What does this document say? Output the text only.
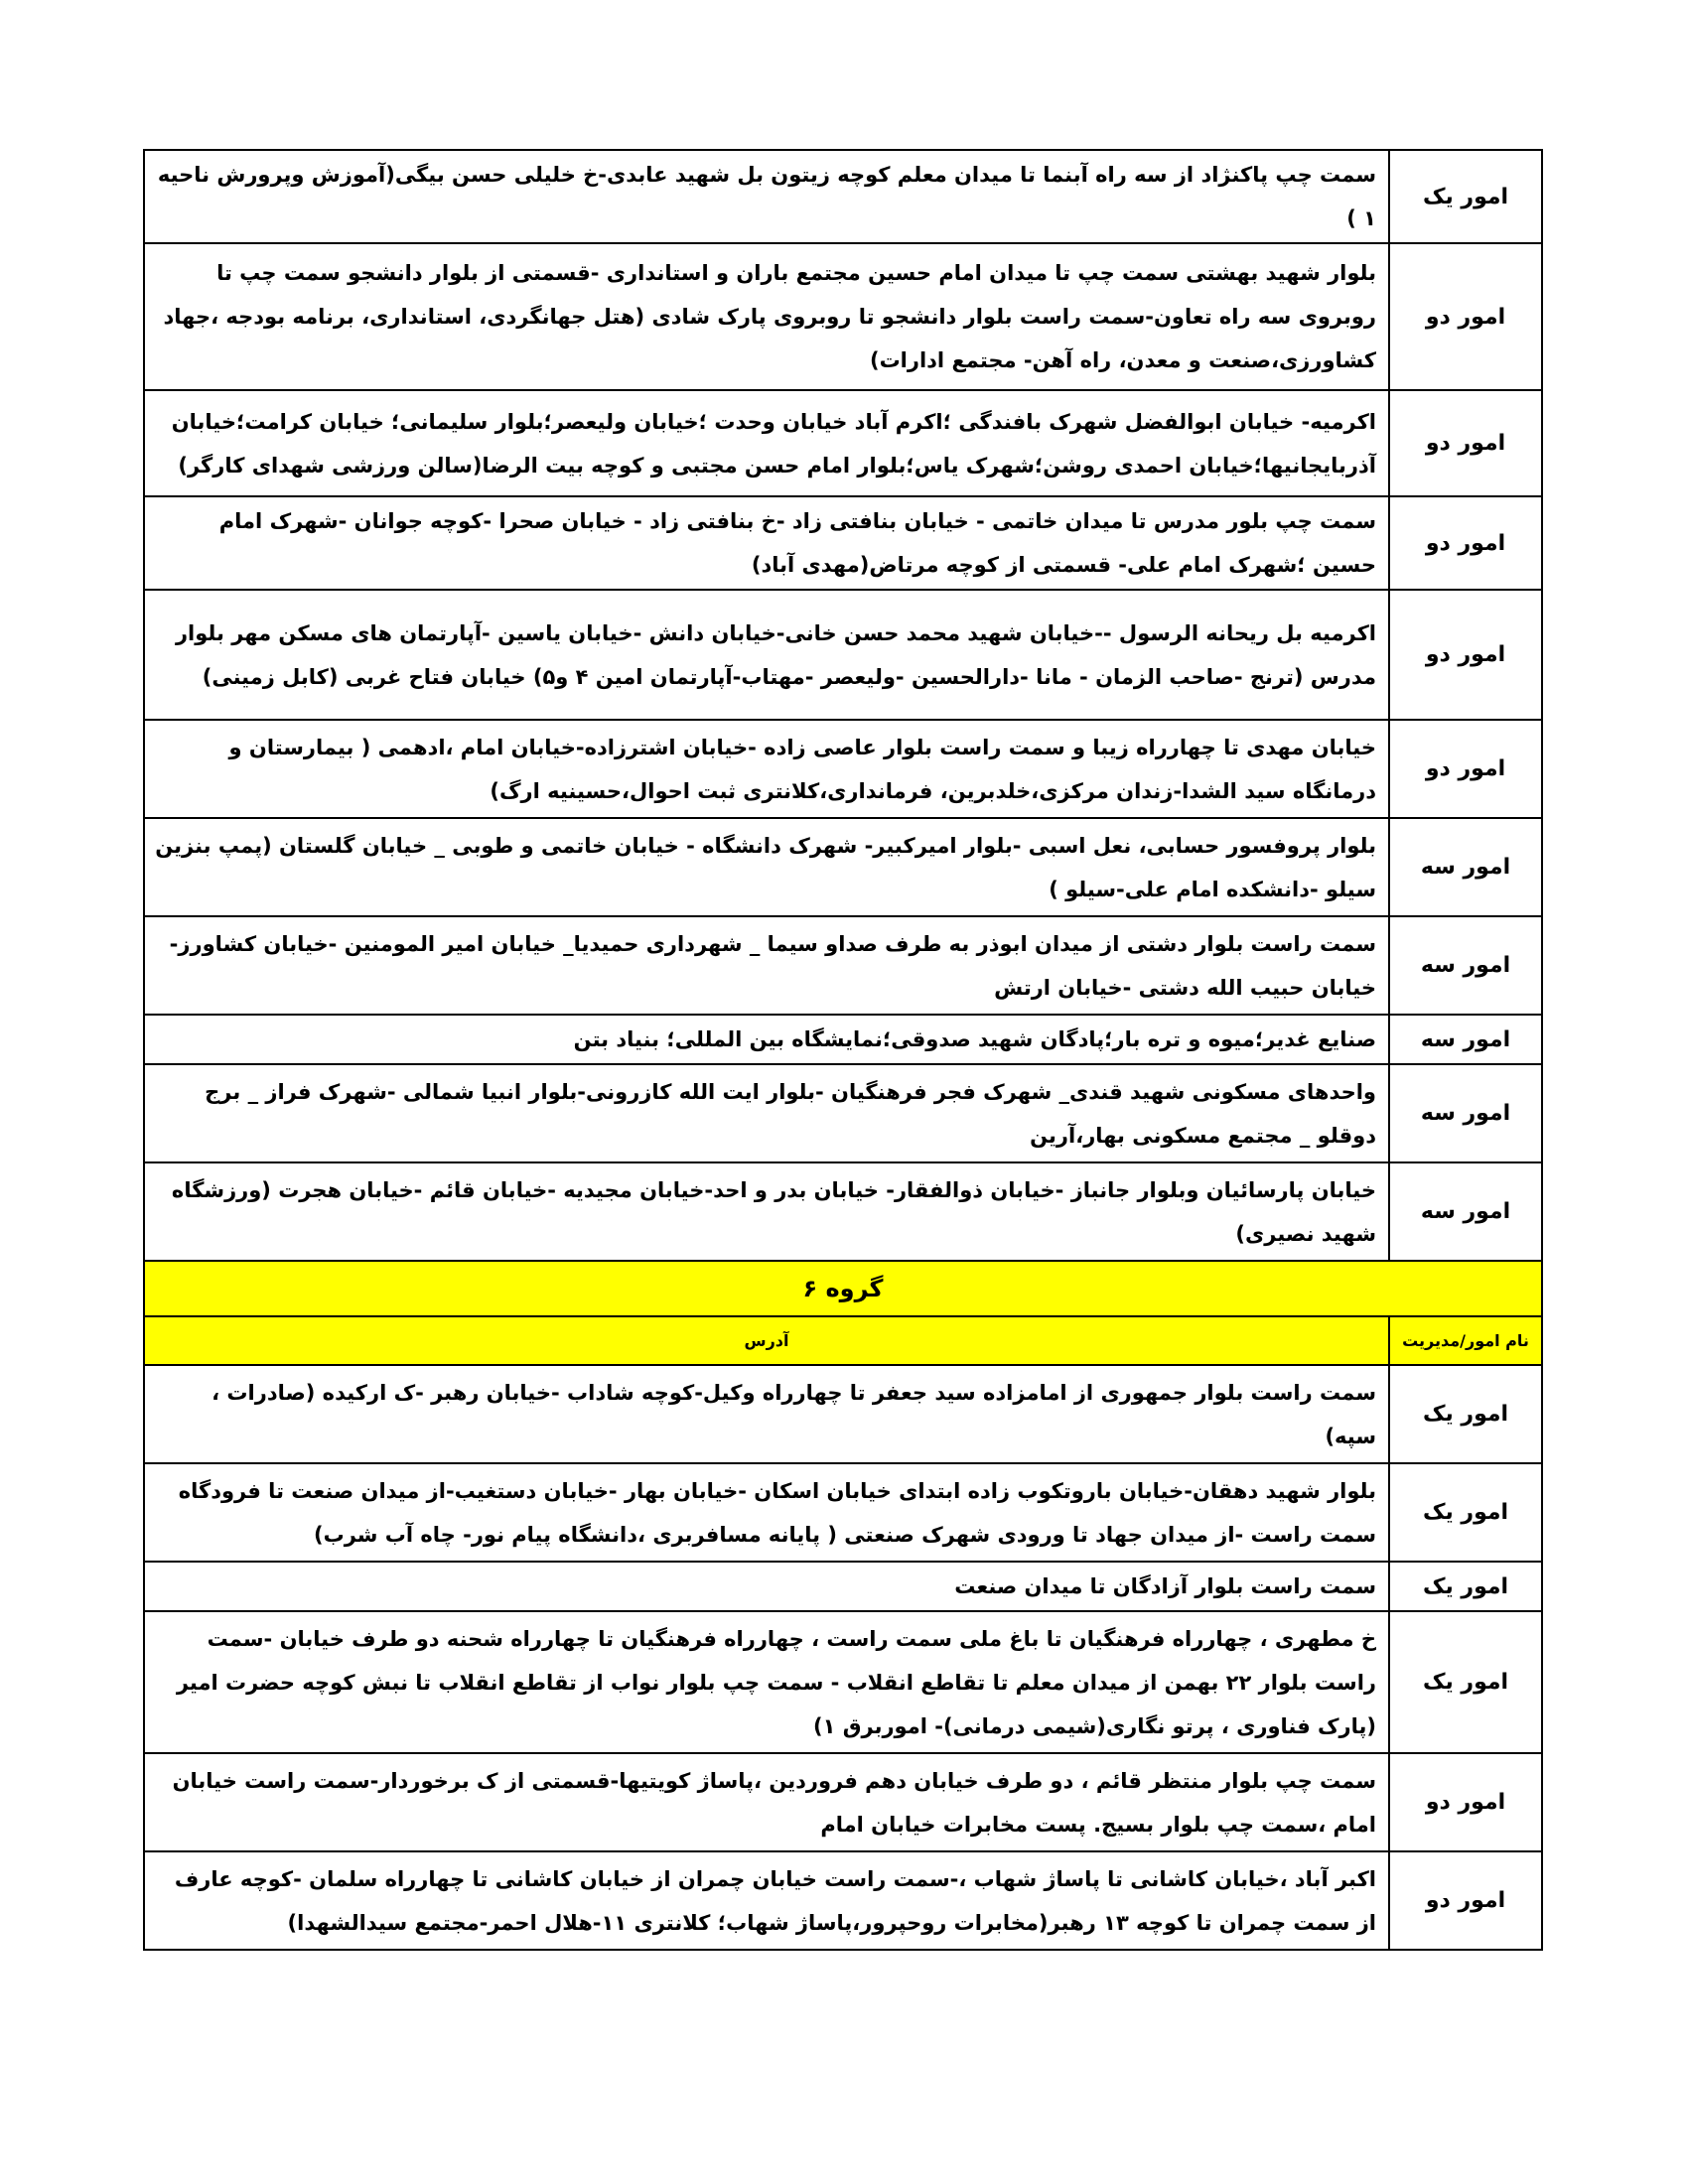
امور یک	سمت چپ پاکنژاد از سه راه آبنما تا میدان معلم کوچه زیتون بل شهید عابدی-خ خلیلی حسن بیگی(آموزش وپرورش ناحیه ۱ )
امور دو	بلوار شهید بهشتی سمت چپ تا میدان امام حسین مجتمع باران و استانداری -قسمتی از بلوار دانشجو سمت چپ تا روبروی سه راه تعاون-سمت راست بلوار دانشجو تا روبروی پارک شادی (هتل جهانگردی، استانداری، برنامه بودجه ،جهاد کشاورزی،صنعت و معدن، راه آهن- مجتمع ادارات)
امور دو	اکرمیه- خیابان ابوالفضل شهرک بافندگی ؛اکرم آباد خیابان وحدت ؛خیابان ولیعصر؛بلوار سلیمانی؛ خیابان کرامت؛خیابان آذربایجانیها؛خیابان احمدی روشن؛شهرک یاس؛بلوار امام حسن مجتبی و کوچه بیت الرضا(سالن ورزشی شهدای کارگر)
امور دو	سمت چپ بلور مدرس تا میدان خاتمی - خیابان بنافتی زاد -خ بنافتی زاد - خیابان صحرا -کوچه جوانان -شهرک امام حسین ؛شهرک امام علی- قسمتی از کوچه مرتاض(مهدی آباد)
امور دو	اکرمیه بل ریحانه الرسول --خیابان شهید محمد حسن خانی-خیابان دانش -خیابان یاسین -آپارتمان های مسکن مهر بلوار مدرس (ترنج -صاحب الزمان - مانا -دارالحسین -ولیعصر -مهتاب-آپارتمان امین ۴ و۵) خیابان فتاح غربی (کابل زمینی)
امور دو	خیابان مهدی تا چهارراه زیبا و سمت راست بلوار عاصی زاده -خیابان اشترزاده-خیابان امام ،ادهمی ( بیمارستان و درمانگاه سید الشدا-زندان مرکزی،خلدبرین، فرمانداری،کلانتری ثبت احوال،حسینیه ارگ)
امور سه	بلوار پروفسور حسابی، نعل اسبی -بلوار امیرکبیر- شهرک دانشگاه - خیابان خاتمی و طوبی _ خیابان گلستان (پمپ بنزین سیلو -دانشکده امام علی-سیلو )
امور سه	سمت راست بلوار دشتی از میدان ابوذر به طرف صداو سیما _ شهرداری حمیدیا_ خیابان امیر المومنین -خیابان کشاورز- خیابان حبیب الله دشتی -خیابان ارتش
امور سه	صنایع غدیر؛میوه و تره بار؛پادگان شهید صدوقی؛نمایشگاه بین المللی؛ بنیاد بتن
امور سه	واحدهای مسکونی شهید قندی_ شهرک فجر فرهنگیان -بلوار ایت الله کازرونی-بلوار انبیا شمالی -شهرک فراز _ برج دوقلو _ مجتمع مسکونی بهار،آرین
امور سه	خیابان پارسائیان وبلوار جانباز -خیابان ذوالفقار- خیابان بدر و احد-خیابان مجیدیه -خیابان قائم -خیابان هجرت (ورزشگاه شهید نصیری)
گروه ۶	
نام امور/مدیریت	آدرس
امور یک	سمت راست بلوار جمهوری از امامزاده سید جعفر تا چهارراه وکیل-کوچه شاداب -خیابان رهبر -ک ارکیده (صادرات ، سپه)
امور یک	بلوار شهید دهقان-خیابان باروتکوب زاده ابتدای خیابان اسکان -خیابان بهار -خیابان دستغیب-از میدان صنعت تا فرودگاه سمت راست -از میدان جهاد تا ورودی شهرک صنعتی ( پایانه مسافربری ،دانشگاه پیام نور- چاه آب شرب)
امور یک	سمت راست بلوار آزادگان تا میدان صنعت
امور یک	خ مطهری ، چهارراه فرهنگیان تا باغ ملی سمت راست ، چهارراه فرهنگیان تا چهارراه شحنه دو طرف خیابان -سمت راست بلوار ۲۲ بهمن از میدان معلم تا تقاطع انقلاب - سمت چپ بلوار نواب از تقاطع انقلاب تا نبش کوچه حضرت امیر (پارک فناوری ، پرتو نگاری(شیمی درمانی)- اموربرق ۱)
امور دو	سمت چپ بلوار منتظر قائم ، دو طرف خیابان دهم فروردین ،پاساژ کویتیها-قسمتی از ک برخوردار-سمت راست خیابان امام ،سمت چپ بلوار بسیج. پست مخابرات خیابان امام
امور دو	اکبر آباد ،خیابان کاشانی تا پاساژ شهاب ،-سمت راست خیابان چمران از خیابان کاشانی تا چهارراه سلمان -کوچه عارف از سمت چمران تا کوچه ۱۳ رهبر(مخابرات روحپرور،پاساژ شهاب؛ کلانتری ۱۱-هلال احمر-مجتمع سیدالشهدا)
